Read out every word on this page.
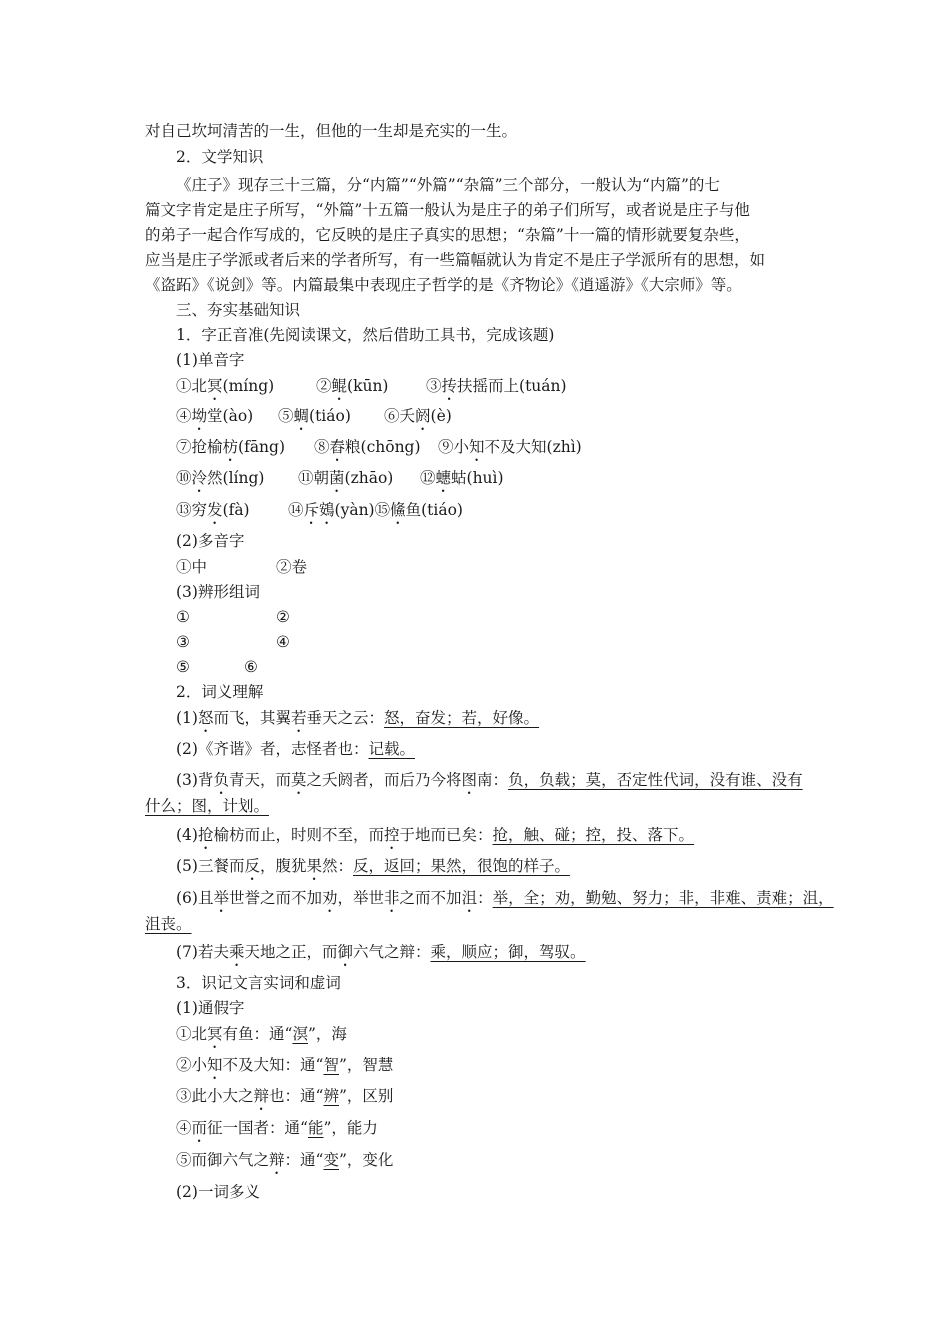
对自己坎坷清苦的一生，但他的一生却是充实的一生。
2．文学知识
《庄子》现存三十三篇，分“内篇”“外篇”“杂篇”三个部分，一般认为“内篇”的七
篇文字肯定是庄子所写，“外篇”十五篇一般认为是庄子的弟子们所写，或者说是庄子与他
的弟子一起合作写成的，它反映的是庄子真实的思想；“杂篇”十一篇的情形就要复杂些，
应当是庄子学派或者后来的学者所写，有一些篇幅就认为肯定不是庄子学派所有的思想，如
《盗跖》《说剑》等。内篇最集中表现庄子哲学的是《齐物论》《逍遥游》《大宗师》等。
三、夯实基础知识
1．字正音准(先阅读课文，然后借助工具书，完成该题)
(1)单音字
①北冥(míng)	②鲲(kūn) ③抟扶摇而上(tuán)
④坳堂(ào) ⑤蜩(tiáo) ⑥夭阏(è)
⑦抢榆枋(fāng) ⑧舂粮(chōng) ⑨小知不及大知(zhì)
⑩泠然(líng) ⑪朝菌(zhāo) ⑫蟪蛄(huì)
⑬穷发(fà) ⑭斥鴳(yàn)⑮鯈鱼(tiáo)
(2)多音字
①中	②卷
(3)辨形组词
①	②
③	④
⑤	⑥
2．词义理解
(1)怒而飞，其翼若垂天之云：怒，奋发；若，好像。
(2)《齐谐》者，志怪者也：记载。
(3)背负青天，而莫之夭阏者，而后乃今将图南：负，负载；莫，否定性代词，没有谁、没有
什么；图，计划。
(4)抢榆枋而止，时则不至，而控于地而已矣：抢，触、碰；控，投、落下。
(5)三餐而反，腹犹果然：反，返回；果然，很饱的样子。
(6)且举世誉之而不加劝，举世非之而不加沮：举，全；劝，勤勉、努力；非，非难、责难；沮，
沮丧。
(7)若夫乘天地之正，而御六气之辩：乘，顺应；御，驾驭。
3．识记文言实词和虚词
(1)通假字
①北冥有鱼：通“溟”，海
②小知不及大知：通“智”，智慧
③此小大之辩也：通“辨”，区别
④而征一国者：通“能”，能力
⑤而御六气之辩：通“变”，变化
(2)一词多义
